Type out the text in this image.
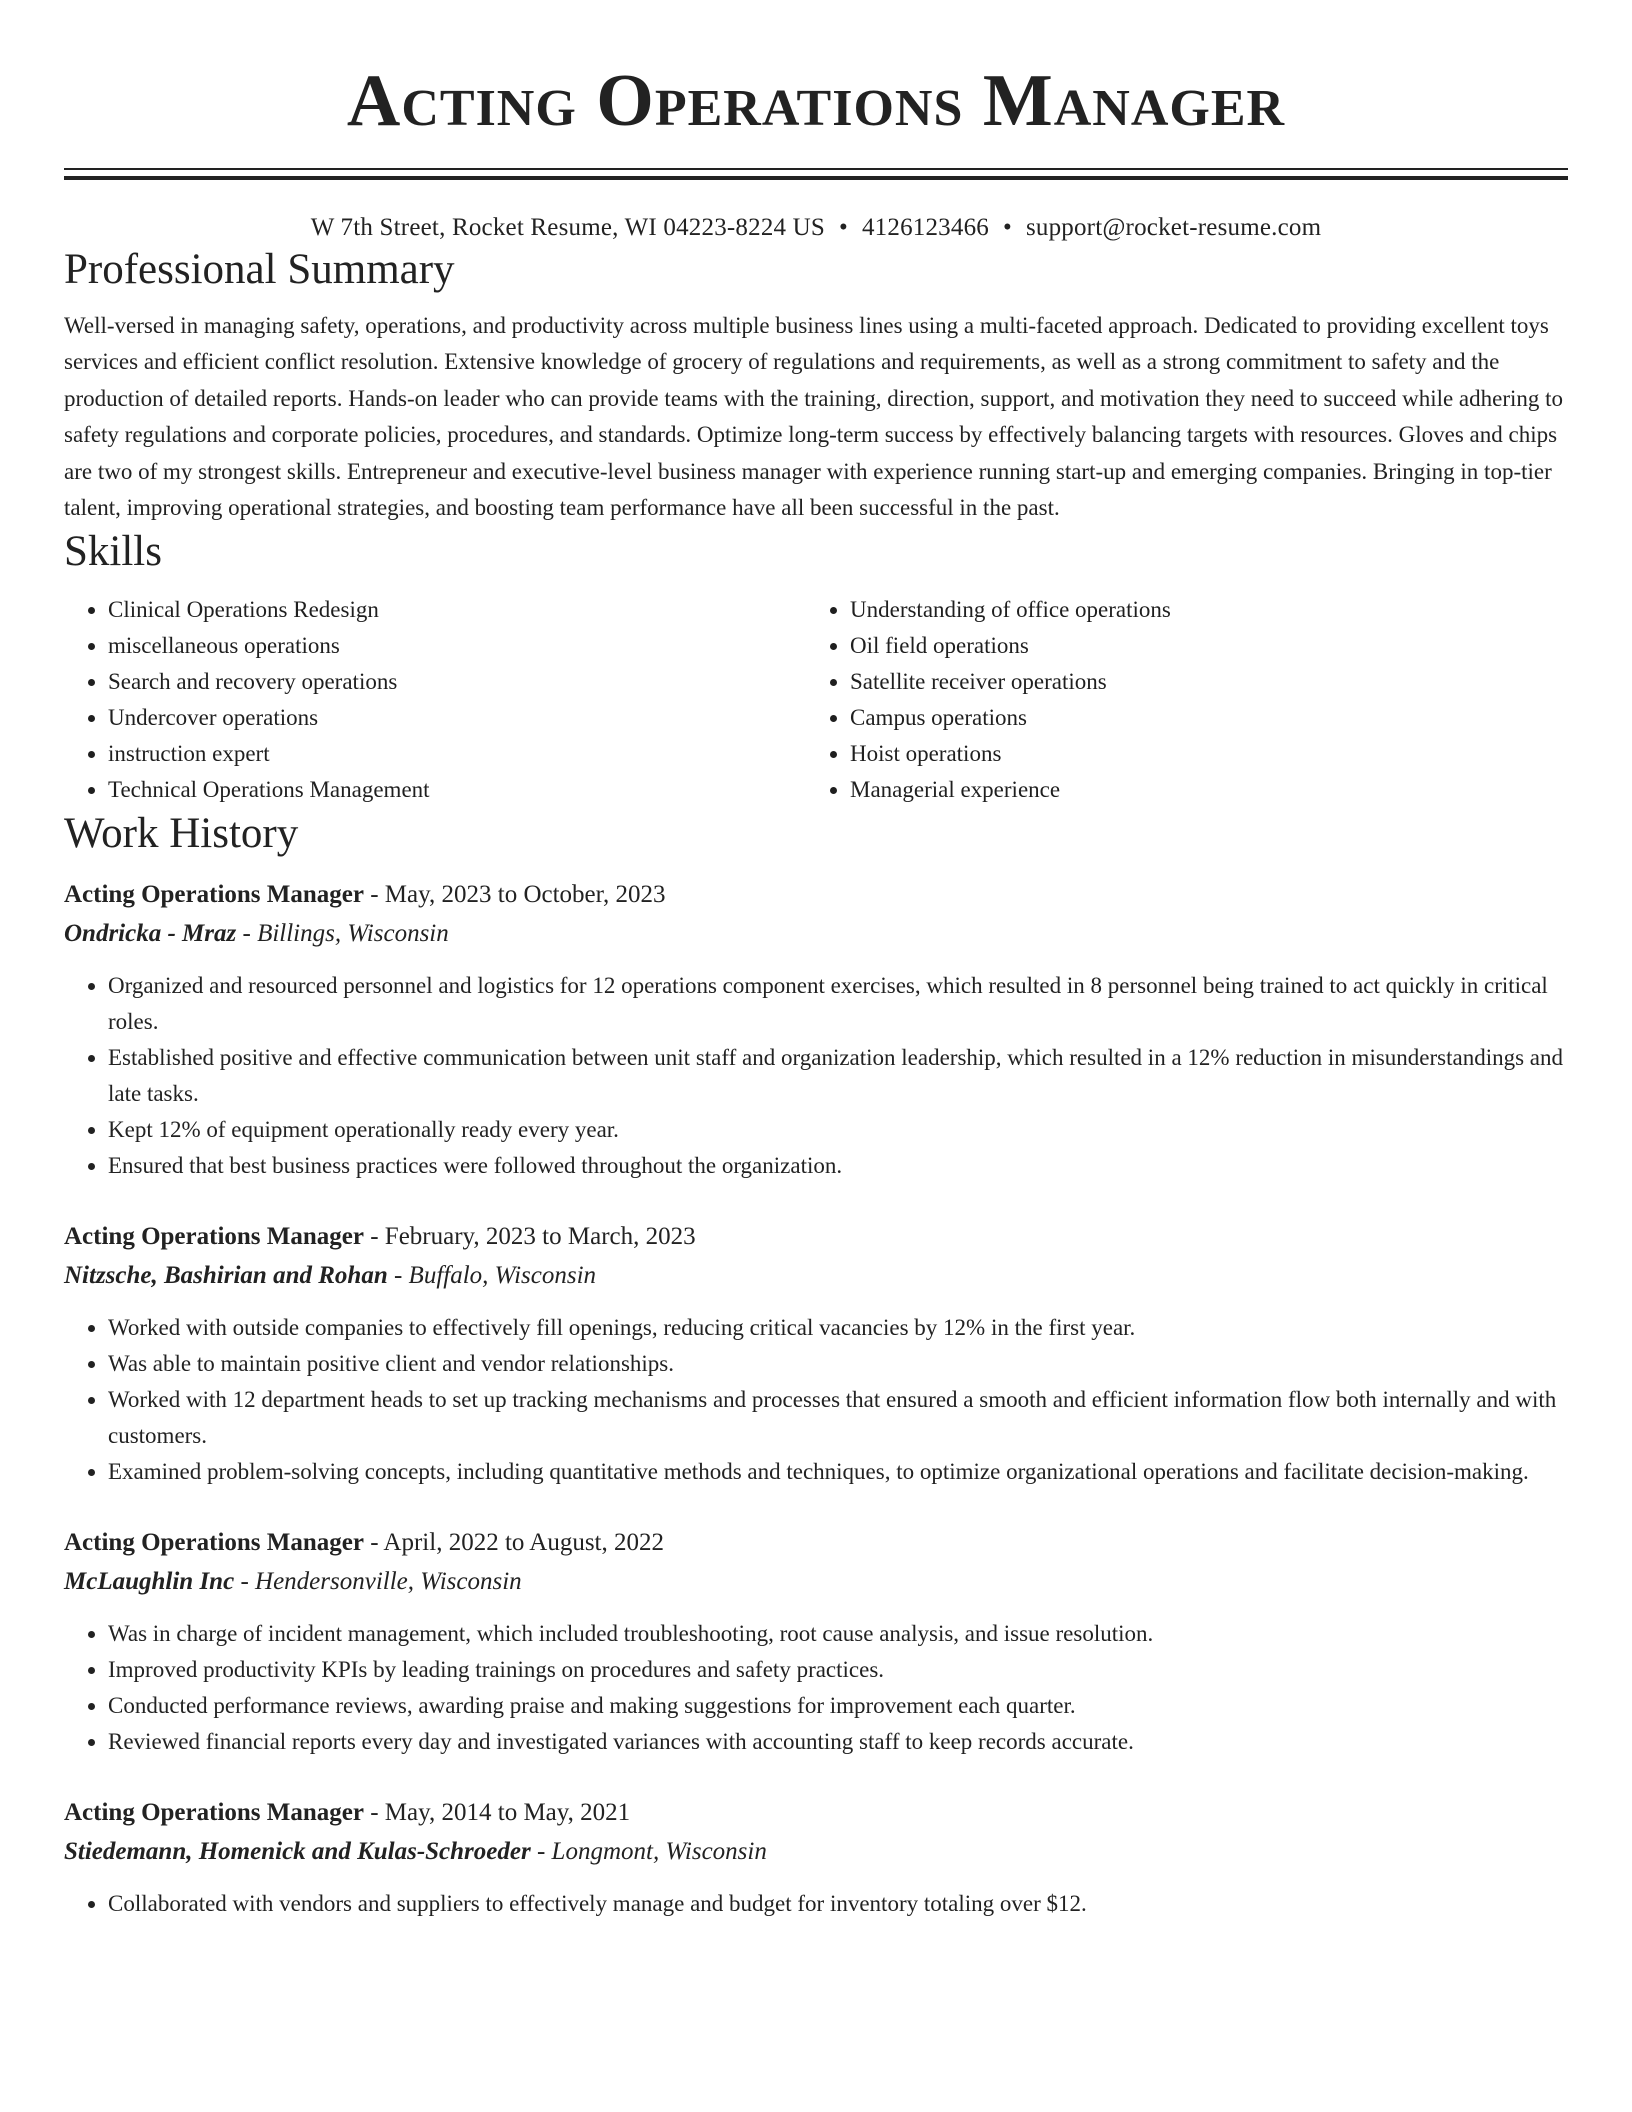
Acting Operations Manager
W 7th Street, Rocket Resume, WI 04223-8224 US • 4126123466 • support@rocket-resume.com
Professional Summary

Well-versed in managing safety, operations, and productivity across multiple business lines using a multi-faceted approach. Dedicated to providing excellent toys services and efficient conflict resolution. Extensive knowledge of grocery of regulations and requirements, as well as a strong commitment to safety and the production of detailed reports. Hands-on leader who can provide teams with the training, direction, support, and motivation they need to succeed while adhering to safety regulations and corporate policies, procedures, and standards. Optimize long-term success by effectively balancing targets with resources. Gloves and chips are two of my strongest skills. Entrepreneur and executive-level business manager with experience running start-up and emerging companies. Bringing in top-tier talent, improving operational strategies, and boosting team performance have all been successful in the past.

Skills
• Clinical Operations Redesign
• miscellaneous operations
• Search and recovery operations
• Undercover operations
• instruction expert
• Technical Operations Management
• Understanding of office operations
• Oil field operations
• Satellite receiver operations
• Campus operations
• Hoist operations
• Managerial experience
Work History
Acting Operations Manager - May, 2023 to October, 2023
Ondricka - Mraz - Billings, Wisconsin
• Organized and resourced personnel and logistics for 12 operations component exercises, which resulted in 8 personnel being trained to act quickly in critical roles.
• Established positive and effective communication between unit staff and organization leadership, which resulted in a 12% reduction in misunderstandings and late tasks.
• Kept 12% of equipment operationally ready every year.
• Ensured that best business practices were followed throughout the organization.
Acting Operations Manager - February, 2023 to March, 2023
Nitzsche, Bashirian and Rohan - Buffalo, Wisconsin
• Worked with outside companies to effectively fill openings, reducing critical vacancies by 12% in the first year.
• Was able to maintain positive client and vendor relationships.
• Worked with 12 department heads to set up tracking mechanisms and processes that ensured a smooth and efficient information flow both internally and with customers.
• Examined problem-solving concepts, including quantitative methods and techniques, to optimize organizational operations and facilitate decision-making.
Acting Operations Manager - April, 2022 to August, 2022
McLaughlin Inc - Hendersonville, Wisconsin
• Was in charge of incident management, which included troubleshooting, root cause analysis, and issue resolution.
• Improved productivity KPIs by leading trainings on procedures and safety practices.
• Conducted performance reviews, awarding praise and making suggestions for improvement each quarter.
• Reviewed financial reports every day and investigated variances with accounting staff to keep records accurate.
Acting Operations Manager - May, 2014 to May, 2021
Stiedemann, Homenick and Kulas-Schroeder - Longmont, Wisconsin
• Collaborated with vendors and suppliers to effectively manage and budget for inventory totaling over $12.
